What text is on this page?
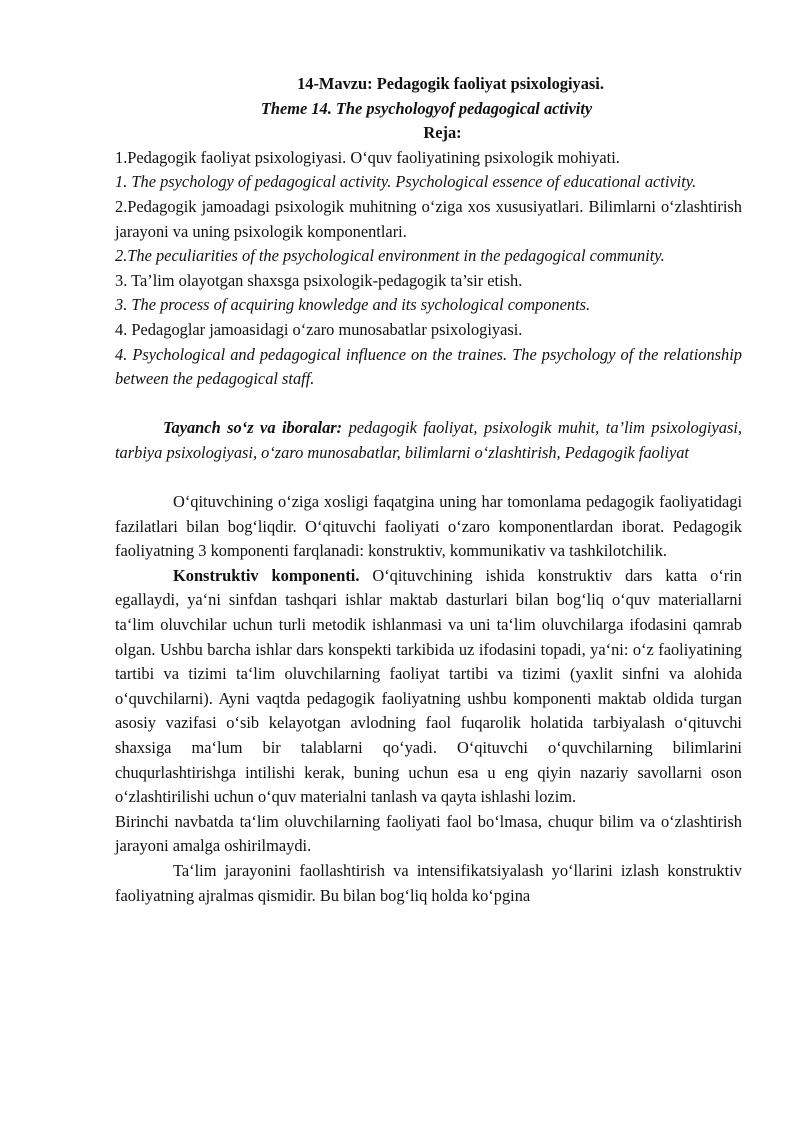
14-Mavzu: Pedagogik faoliyat psixologiyasi.

Theme 14. The psychologyof pedagogical activity

Reja:

1.Pedagogik faoliyat psixologiyasi. O‘quv faoliyatining psixologik mohiyati.

1. The psychology of pedagogical activity. Psychological essence of educational activity.

2.Pedagogik jamoadagi psixologik muhitning o‘ziga xos xususiyatlari. Bilimlarni o‘zlashtirish jarayoni va uning psixologik komponentlari.

2.The peculiarities of the psychological environment in the pedagogical community.

3. Ta’lim olayotgan shaxsga psixologik-pedagogik ta’sir etish.

3. The process of acquiring knowledge and its sychological components.

4. Pedagoglar jamoasidagi o‘zaro munosabatlar psixologiyasi.

4. Psychological and pedagogical influence on the traines. The psychology of the relationship between the pedagogical staff.

Tayanch so‘z va iboralar: pedagogik faoliyat, psixologik muhit, ta’lim psixologiyasi, tarbiya psixologiyasi, o‘zaro munosabatlar, bilimlarni o‘zlashtirish, Pedagogik faoliyat

O‘qituvchining o‘ziga xosligi faqatgina uning har tomonlama pedagogik faoliyatidagi fazilatlari bilan bog‘liqdir. O‘qituvchi faoliyati o‘zaro komponentlardan iborat. Pedagogik faoliyatning 3 komponenti farqlanadi: konstruktiv, kommunikativ va tashkilotchilik.

Konstruktiv komponenti. O‘qituvchining ishida konstruktiv dars katta o‘rin egallaydi, ya‘ni sinfdan tashqari ishlar maktab dasturlari bilan bog‘liq o‘quv materiallarni ta‘lim oluvchilar uchun turli metodik ishlanmasi va uni ta‘lim oluvchilarga ifodasini qamrab olgan. Ushbu barcha ishlar dars konspekti tarkibida uz ifodasini topadi, ya‘ni: o‘z faoliyatining tartibi va tizimi ta‘lim oluvchilarning faoliyat tartibi va tizimi (yaxlit sinfni va alohida o‘quvchilarni). Ayni vaqtda pedagogik faoliyatning ushbu komponenti maktab oldida turgan asosiy vazifasi o‘sib kelayotgan avlodning faol fuqarolik holatida tarbiyalash o‘qituvchi shaxsiga ma‘lum bir talablarni qo‘yadi. O‘qituvchi o‘quvchilarning bilimlarini chuqurlashtirishga intilishi kerak, buning uchun esa u eng qiyin nazariy savollarni oson o‘zlashtirilishi uchun o‘quv materialni tanlash va qayta ishlashi lozim.

Birinchi navbatda ta‘lim oluvchilarning faoliyati faol bo‘lmasa, chuqur bilim va o‘zlashtirish jarayoni amalga oshirilmaydi.

Ta‘lim jarayonini faollashtirish va intensifikatsiyalash yo‘llarini izlash konstruktiv faoliyatning ajralmas qismidir. Bu bilan bog‘liq holda ko‘pgina
